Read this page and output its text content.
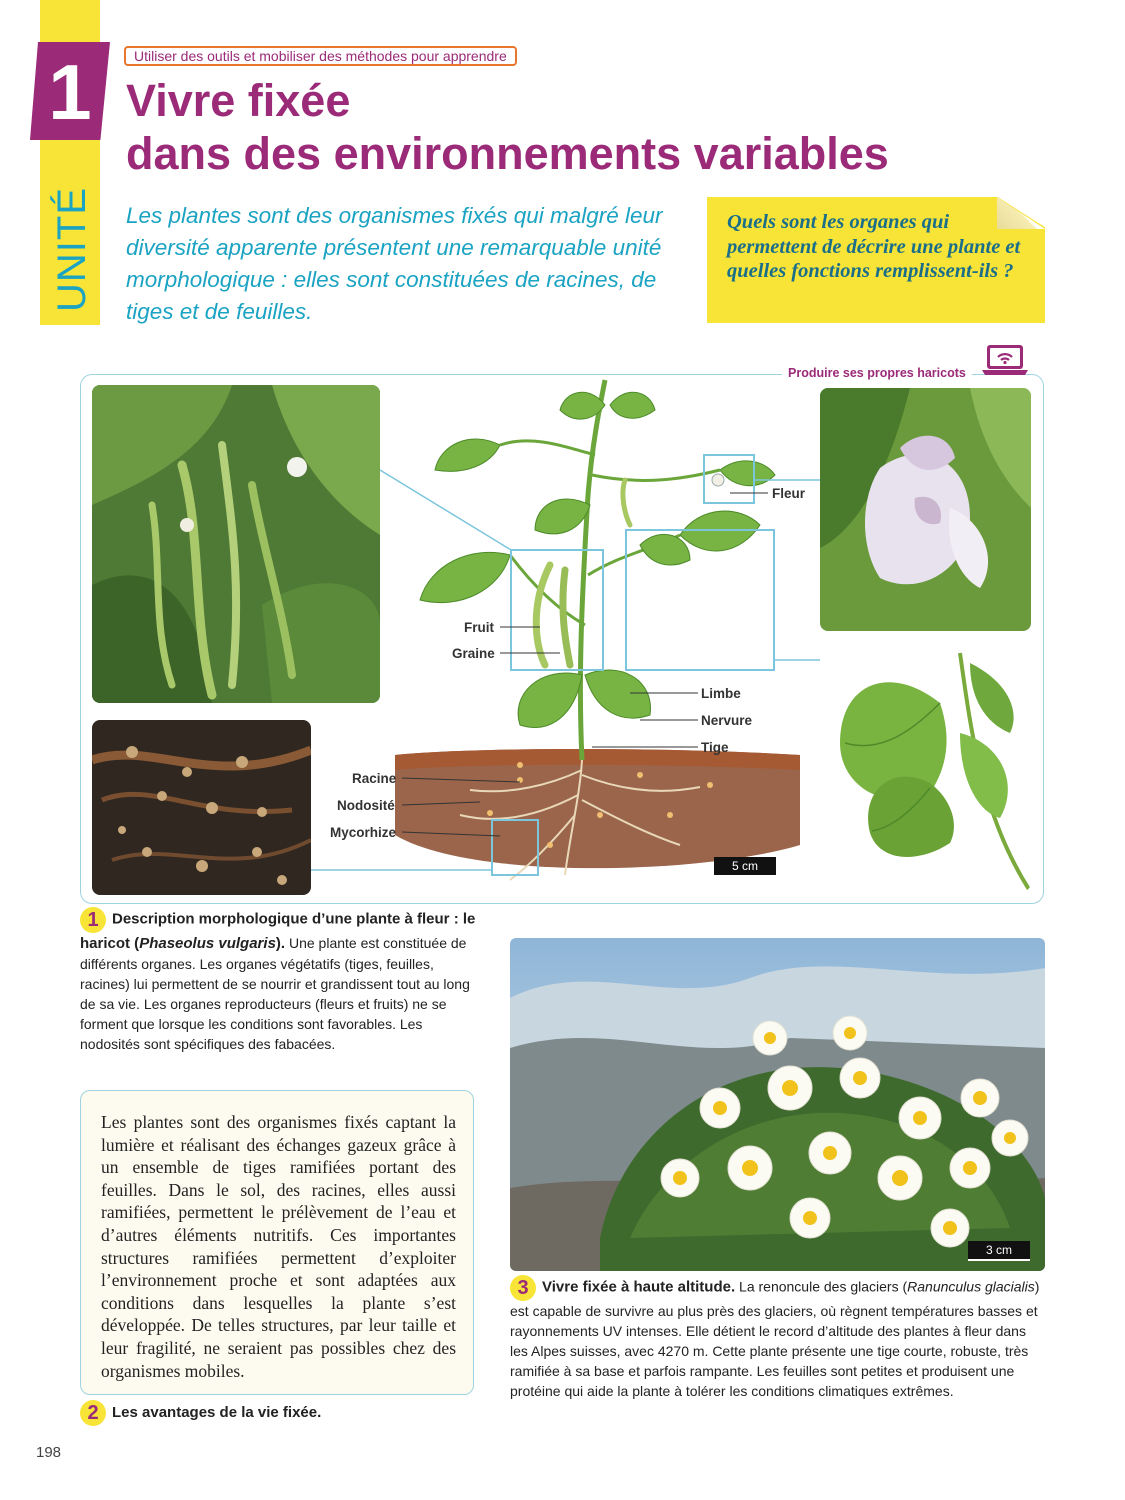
1
UNITÉ
Utiliser des outils et mobiliser des méthodes pour apprendre
Vivre fixée
dans des environnements variables

Les plantes sont des organismes fixés qui malgré leur diversité apparente présentent une remarquable unité morphologique : elles sont constituées de racines, de tiges et de feuilles.

Quels sont les organes qui permettent de décrire une plante et quelles fonctions remplissent-ils ?

Produire ses propres haricots
Fleur
Fruit
Graine
Limbe
Nervure
Tige
Racine
Nodosité
Mycorhize
5 cm

1 Description morphologique d’une plante à fleur : le haricot (Phaseolus vulgaris). Une plante est constituée de différents organes. Les organes végétatifs (tiges, feuilles, racines) lui permettent de se nourrir et grandissent tout au long de sa vie. Les organes reproducteurs (fleurs et fruits) ne se forment que lorsque les conditions sont favorables. Les nodosités sont spécifiques des fabacées.

Les plantes sont des organismes fixés captant la lumière et réalisant des échanges gazeux grâce à un ensemble de tiges ramifiées portant des feuilles. Dans le sol, des racines, elles aussi ramifiées, permettent le prélèvement de l’eau et d’autres éléments nutritifs. Ces importantes structures ramifiées permettent d’exploiter l’environnement proche et sont adaptées aux conditions dans lesquelles la plante s’est développée. De telles structures, par leur taille et leur fragilité, ne seraient pas possibles chez des organismes mobiles.

2 Les avantages de la vie fixée.

3 cm

3 Vivre fixée à haute altitude. La renoncule des glaciers (Ranunculus glacialis) est capable de survivre au plus près des glaciers, où règnent températures basses et rayonnements UV intenses. Elle détient le record d’altitude des plantes à fleur dans les Alpes suisses, avec 4270 m. Cette plante présente une tige courte, robuste, très ramifiée à sa base et parfois rampante. Les feuilles sont petites et produisent une protéine qui aide la plante à tolérer les conditions climatiques extrêmes.

198
